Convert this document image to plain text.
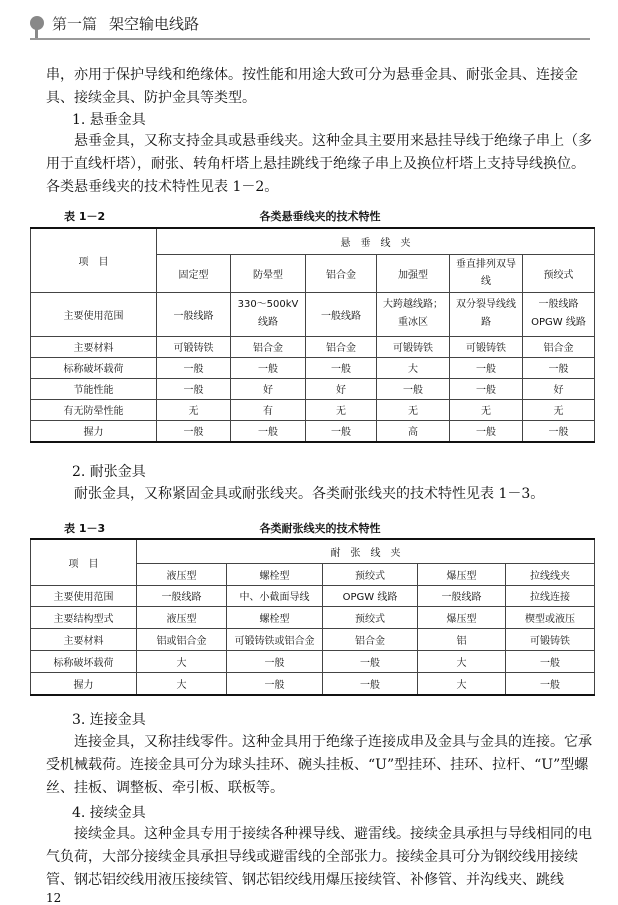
第一篇 架空输电线路
串，亦用于保护导线和绝缘体。按性能和用途大致可分为悬垂金具、耐张金具、连接金具、接续金具、防护金具等类型。
1. 悬垂金具
悬垂金具，又称支持金具或悬垂线夹。这种金具主要用来悬挂导线于绝缘子串上（多用于直线杆塔），耐张、转角杆塔上悬挂跳线于绝缘子串上及换位杆塔上支持导线换位。各类悬垂线夹的技术特性见表 1－2。
表 1－2	各类悬垂线夹的技术特性
项　目	悬　垂　线　夹					
	固定型	防晕型	铝合金	加强型	垂直排列双导线	预绞式
主要使用范围	一般线路	330～500kV 线路	一般线路	大跨越线路；重冰区	双分裂导线线路	一般线路OPGW 线路
主要材料	可锻铸铁	铝合金	铝合金	可锻铸铁	可锻铸铁	铝合金
标称破坏载荷	一般	一般	一般	大	一般	一般
节能性能	一般	好	好	一般	一般	好
有无防晕性能	无	有	无	无	无	无
握力	一般	一般	一般	高	一般	一般
2. 耐张金具
耐张金具，又称紧固金具或耐张线夹。各类耐张线夹的技术特性见表 1－3。
表 1－3	各类耐张线夹的技术特性
项　目	耐　张　线　夹				
	液压型	螺栓型	预绞式	爆压型	拉线线夹
主要使用范围	一般线路	中、小截面导线	OPGW 线路	一般线路	拉线连接
主要结构型式	液压型	螺栓型	预绞式	爆压型	楔型或液压
主要材料	铝或铝合金	可锻铸铁或铝合金	铝合金	铝	可锻铸铁
标称破坏载荷	大	一般	一般	大	一般
握力	大	一般	一般	大	一般
3. 连接金具
连接金具，又称挂线零件。这种金具用于绝缘子连接成串及金具与金具的连接。它承受机械载荷。连接金具可分为球头挂环、碗头挂板、“U”型挂环、挂环、拉杆、“U”型螺丝、挂板、调整板、牵引板、联板等。
4. 接续金具
接续金具。这种金具专用于接续各种裸导线、避雷线。接续金具承担与导线相同的电气负荷，大部分接续金具承担导线或避雷线的全部张力。接续金具可分为钢绞线用接续管、钢芯铝绞线用液压接续管、钢芯铝绞线用爆压接续管、补修管、并沟线夹、跳线
12
